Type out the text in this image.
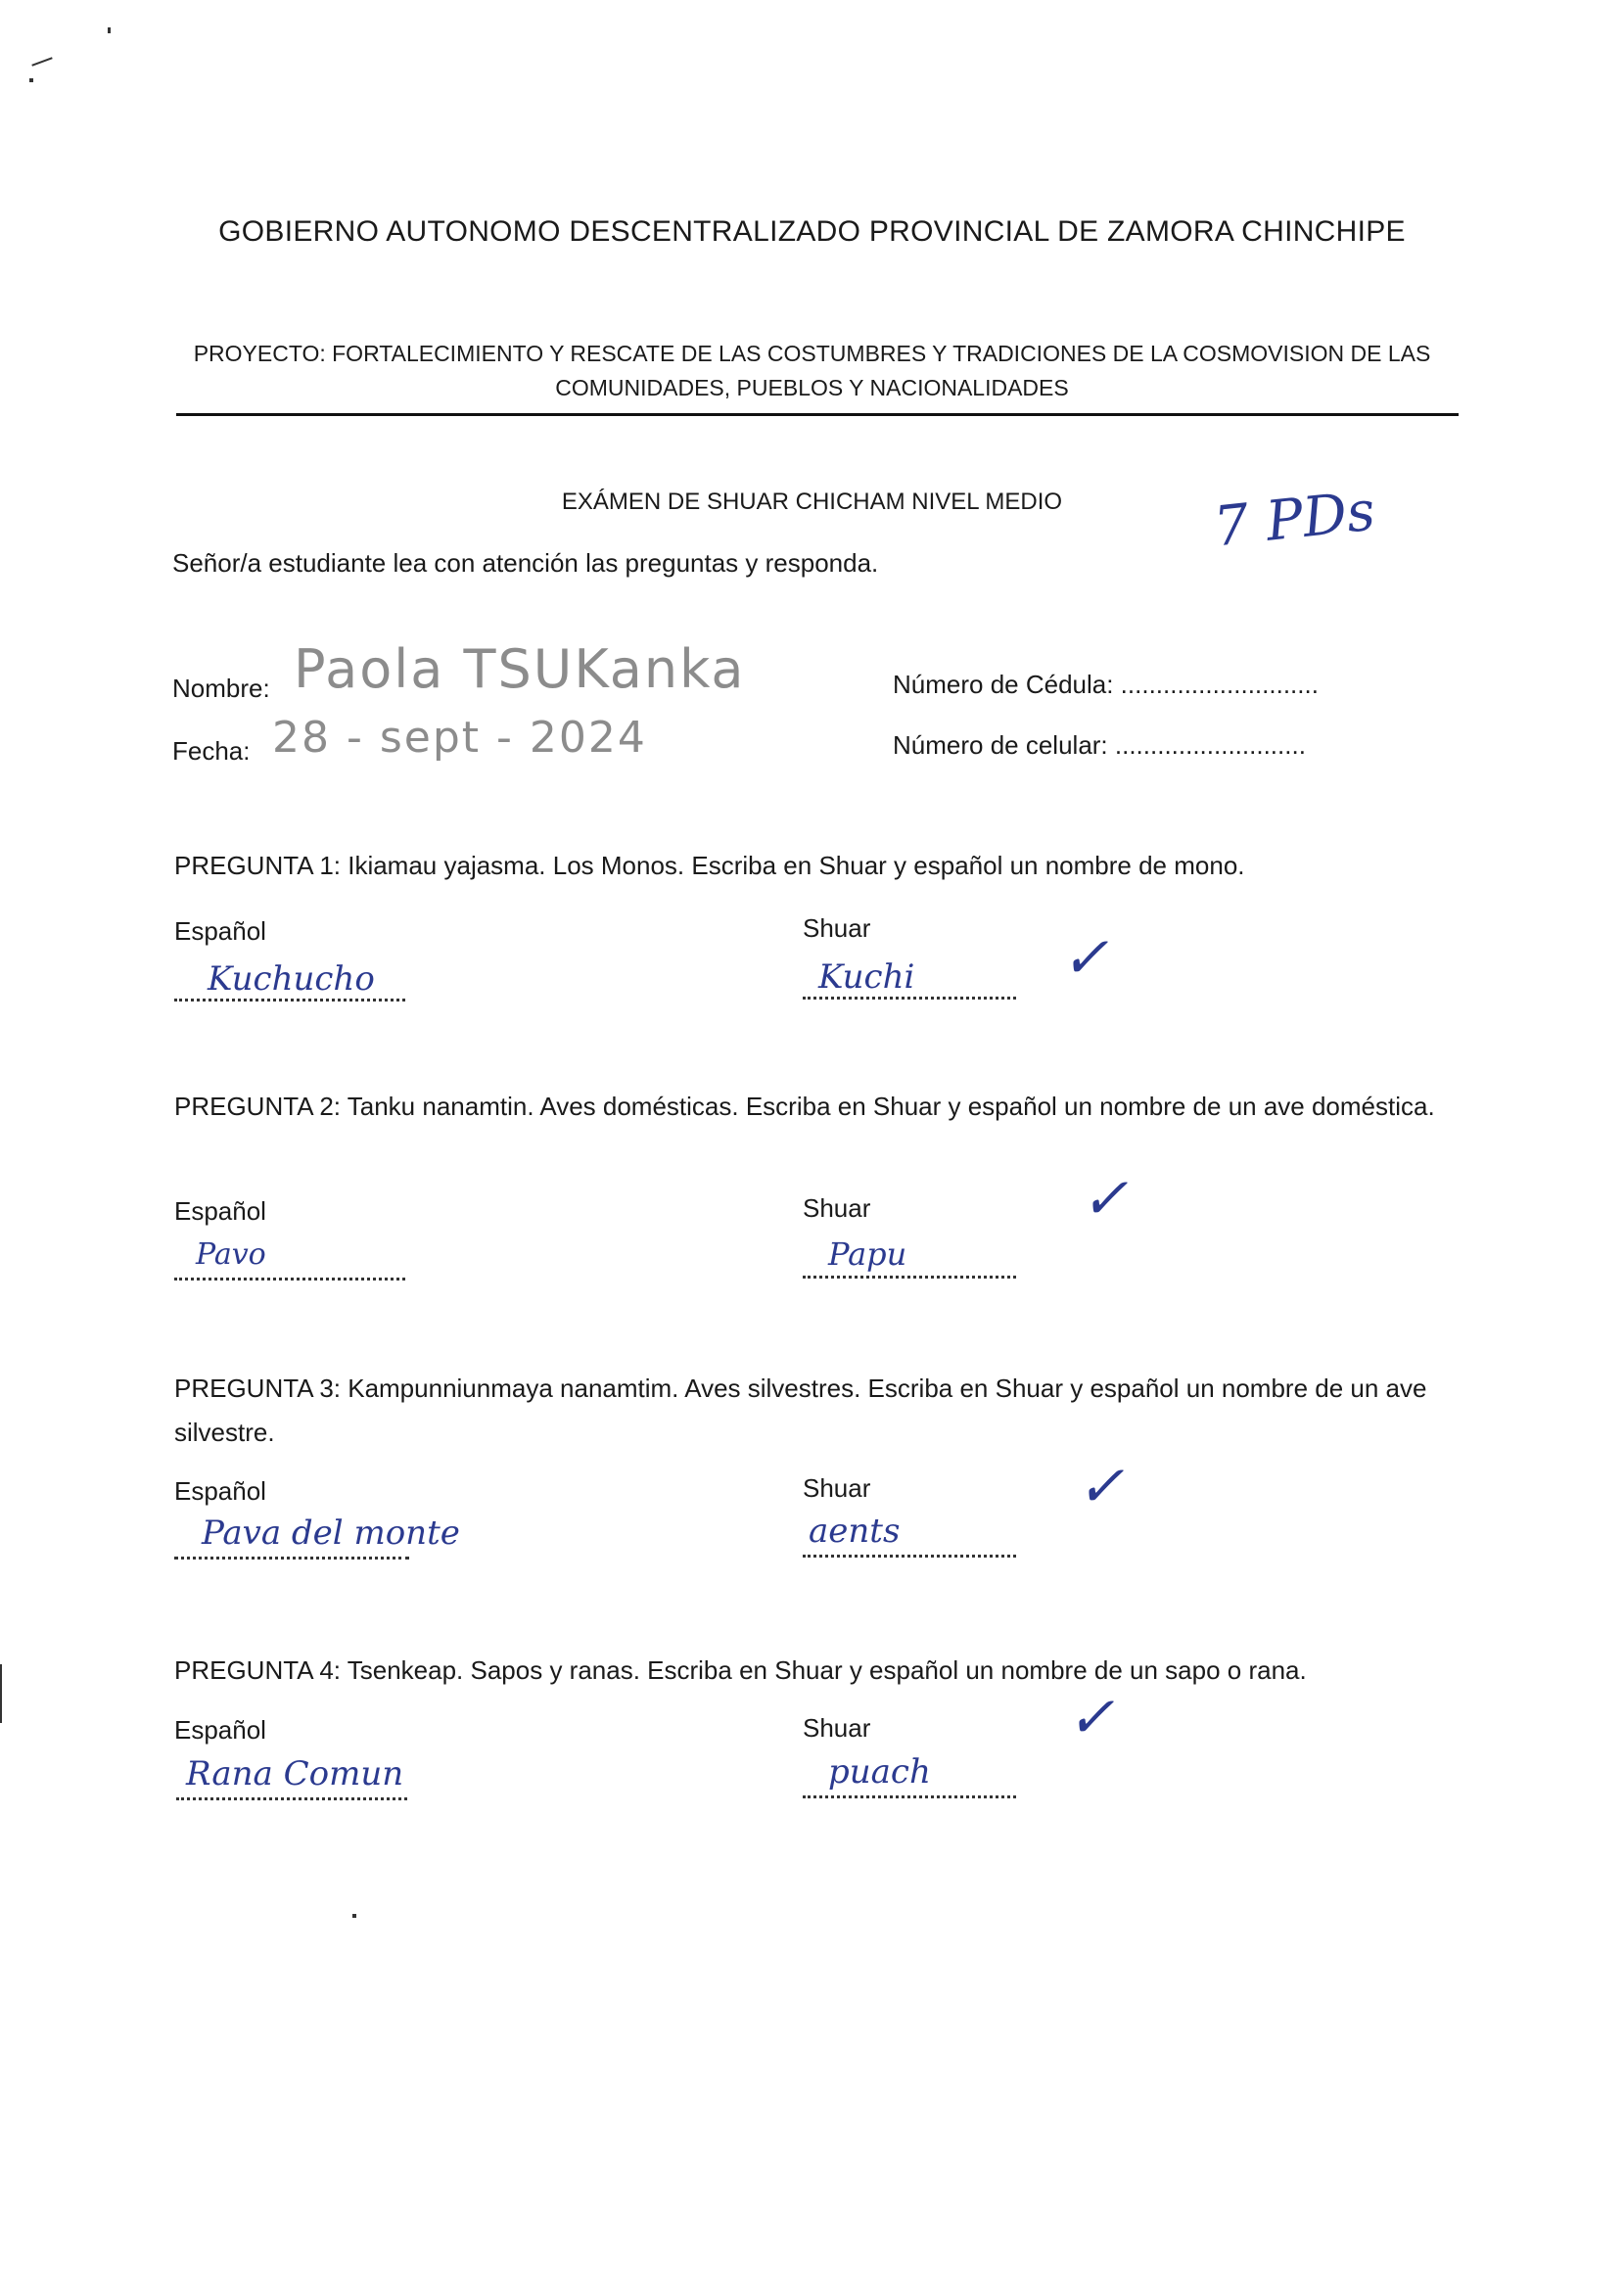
GOBIERNO AUTONOMO DESCENTRALIZADO PROVINCIAL DE ZAMORA CHINCHIPE
PROYECTO: FORTALECIMIENTO Y RESCATE DE LAS COSTUMBRES Y TRADICIONES DE LA COSMOVISION DE LAS
COMUNIDADES, PUEBLOS Y NACIONALIDADES
EXÁMEN DE SHUAR CHICHAM NIVEL MEDIO
Señor/a estudiante lea con atención las preguntas y responda.
7 PDs
Nombre: Paola TSUKanka
Fecha: 28 - sept - 2024
Número de Cédula: ............................
Número de celular: ...........................
PREGUNTA 1: Ikiamau yajasma. Los Monos. Escriba en Shuar y español un nombre de mono.
Español	Shuar
Kuchucho	Kuchi	✓
PREGUNTA 2: Tanku nanamtin. Aves domésticas. Escriba en Shuar y español un nombre de un ave doméstica.
Español	Shuar
Pavo	Papu
✓
PREGUNTA 3: Kampunniunmaya nanamtim. Aves silvestres. Escriba en Shuar y español un nombre de un ave silvestre.
Español	Shuar
Pava del monte	aents
✓
PREGUNTA 4: Tsenkeap. Sapos y ranas. Escriba en Shuar y español un nombre de un sapo o rana.
Español	Shuar
Rana Comun	puach
✓
